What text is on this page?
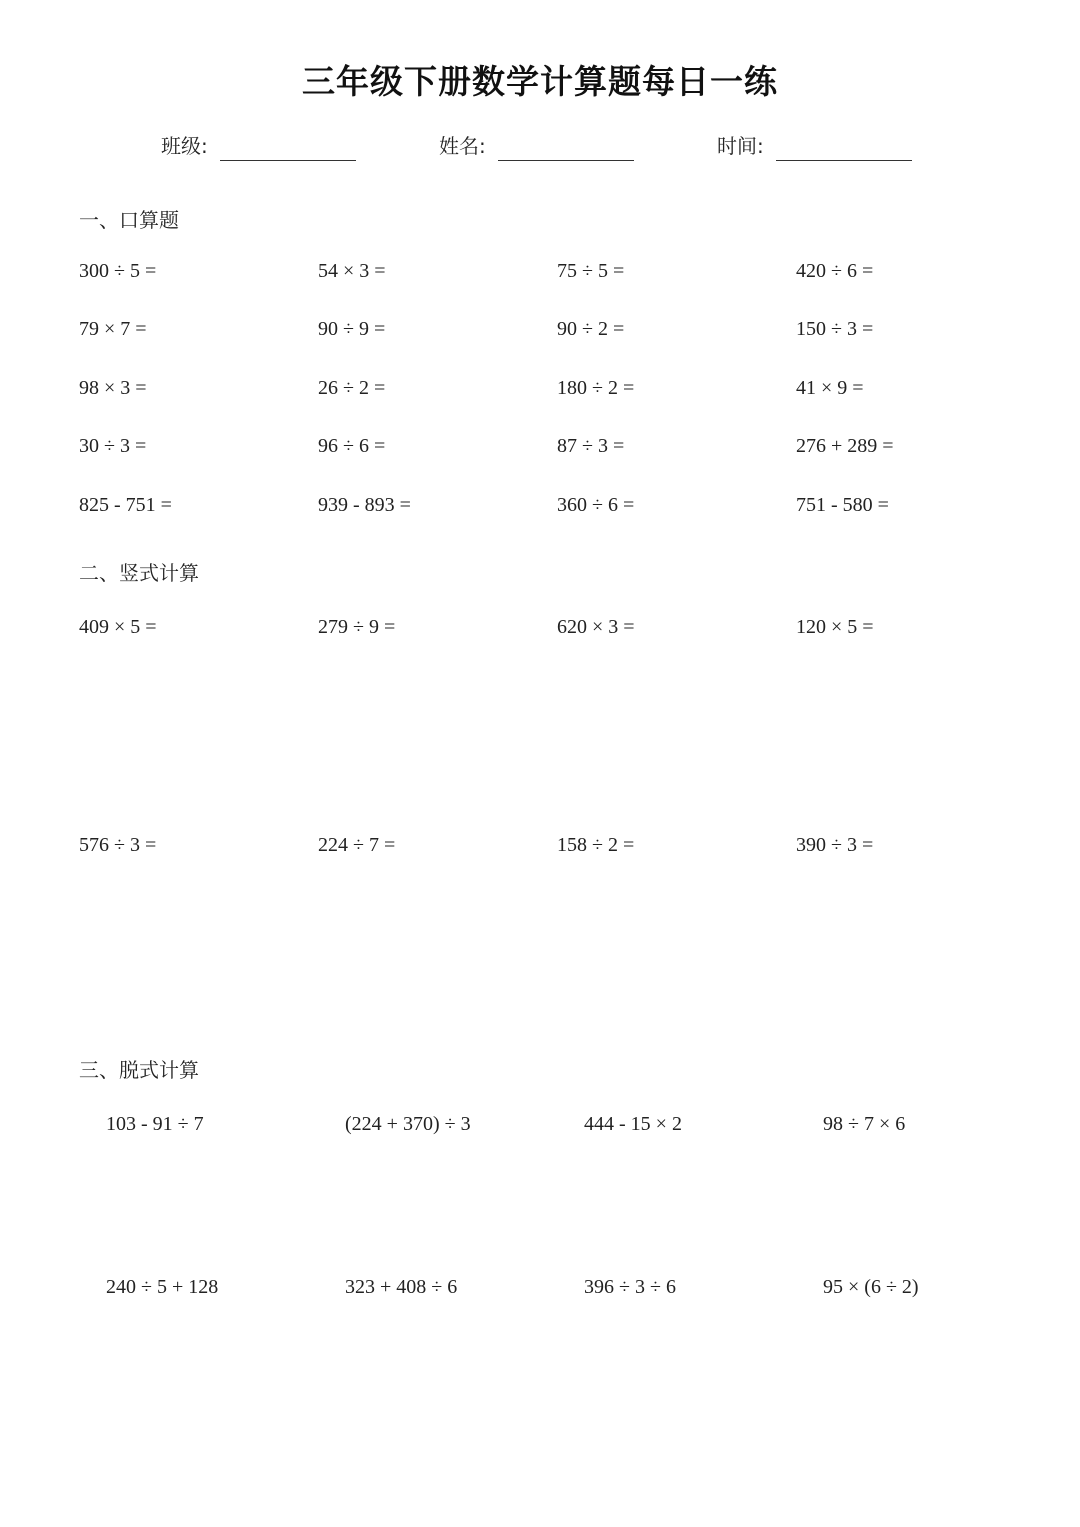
三年级下册数学计算题每日一练
班级:	姓名:	时间:
一、口算题
300 ÷ 5 =	54 × 3 =	75 ÷ 5 =	420 ÷ 6 =
79 × 7 =	90 ÷ 9 =	90 ÷ 2 =	150 ÷ 3 =
98 × 3 =	26 ÷ 2 =	180 ÷ 2 =	41 × 9 =
30 ÷ 3 =	96 ÷ 6 =	87 ÷ 3 =	276 + 289 =
825 - 751 =	939 - 893 =	360 ÷ 6 =	751 - 580 =
二、竖式计算
409 × 5 =	279 ÷ 9 =	620 × 3 =	120 × 5 =
576 ÷ 3 =	224 ÷ 7 =	158 ÷ 2 =	390 ÷ 3 =
三、脱式计算
103 - 91 ÷ 7	(224 + 370) ÷ 3	444 - 15 × 2	98 ÷ 7 × 6
240 ÷ 5 + 128	323 + 408 ÷ 6	396 ÷ 3 ÷ 6	95 × (6 ÷ 2)
